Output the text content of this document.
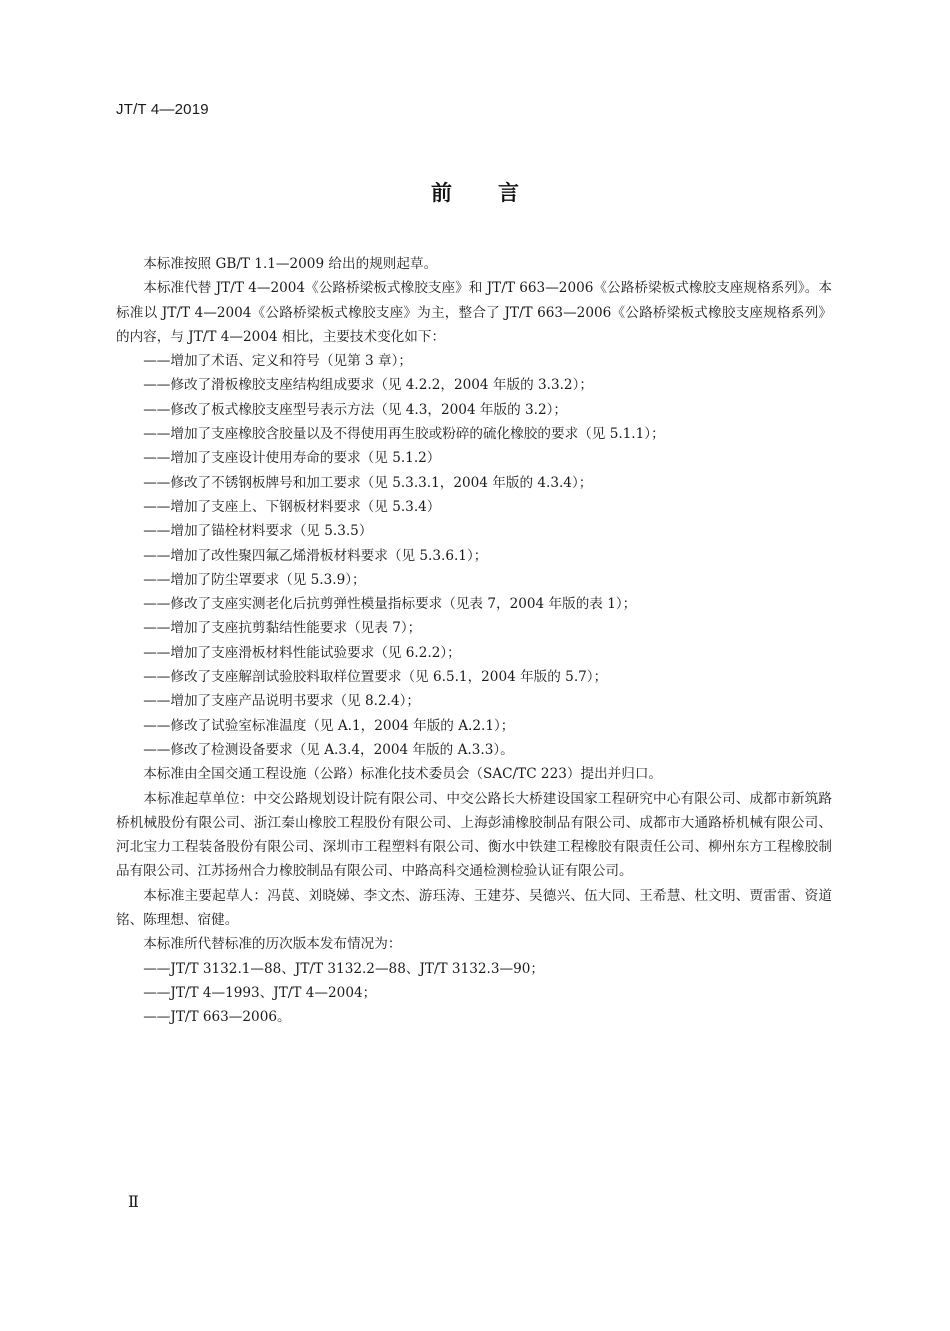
JT/T 4—2019
前言

本标准按照 GB/T 1.1—2009 给出的规则起草。

本标准代替 JT/T 4—2004《公路桥梁板式橡胶支座》和 JT/T 663—2006《公路桥梁板式橡胶支座规格系列》。本标准以 JT/T 4—2004《公路桥梁板式橡胶支座》为主，整合了 JT/T 663—2006《公路桥梁板式橡胶支座规格系列》的内容，与 JT/T 4—2004 相比，主要技术变化如下：

——增加了术语、定义和符号（见第 3 章）；
——修改了滑板橡胶支座结构组成要求（见 4.2.2，2004 年版的 3.3.2）；
——修改了板式橡胶支座型号表示方法（见 4.3，2004 年版的 3.2）；
——增加了支座橡胶含胶量以及不得使用再生胶或粉碎的硫化橡胶的要求（见 5.1.1）；
——增加了支座设计使用寿命的要求（见 5.1.2）
——修改了不锈钢板牌号和加工要求（见 5.3.3.1，2004 年版的 4.3.4）；
——增加了支座上、下钢板材料要求（见 5.3.4）
——增加了锚栓材料要求（见 5.3.5）
——增加了改性聚四氟乙烯滑板材料要求（见 5.3.6.1）；
——增加了防尘罩要求（见 5.3.9）；
——修改了支座实测老化后抗剪弹性模量指标要求（见表 7，2004 年版的表 1）；
——增加了支座抗剪黏结性能要求（见表 7）；
——增加了支座滑板材料性能试验要求（见 6.2.2）；
——修改了支座解剖试验胶料取样位置要求（见 6.5.1，2004 年版的 5.7）；
——增加了支座产品说明书要求（见 8.2.4）；
——修改了试验室标准温度（见 A.1，2004 年版的 A.2.1）；
——修改了检测设备要求（见 A.3.4，2004 年版的 A.3.3）。

本标准由全国交通工程设施（公路）标准化技术委员会（SAC/TC 223）提出并归口。

本标准起草单位：中交公路规划设计院有限公司、中交公路长大桥建设国家工程研究中心有限公司、成都市新筑路桥机械股份有限公司、浙江秦山橡胶工程股份有限公司、上海彭浦橡胶制品有限公司、成都市大通路桥机械有限公司、河北宝力工程装备股份有限公司、深圳市工程塑料有限公司、衡水中铁建工程橡胶有限责任公司、柳州东方工程橡胶制品有限公司、江苏扬州合力橡胶制品有限公司、中路高科交通检测检验认证有限公司。

本标准主要起草人：冯苠、刘晓娣、李文杰、游珏涛、王建芬、吴德兴、伍大同、王希慧、杜文明、贾雷雷、资道铭、陈理想、宿健。

本标准所代替标准的历次版本发布情况为：

——JT/T 3132.1—88、JT/T 3132.2—88、JT/T 3132.3—90；
——JT/T 4—1993、JT/T 4—2004；
——JT/T 663—2006。
Ⅱ
